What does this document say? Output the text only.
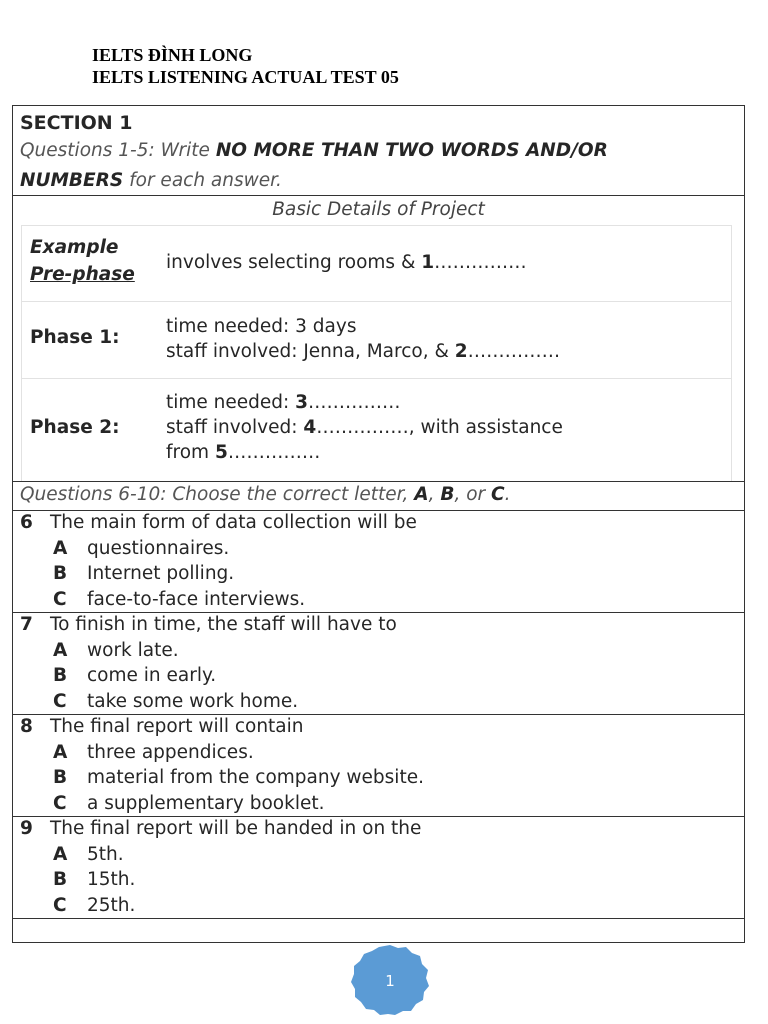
IELTS ĐÌNH LONG
IELTS LISTENING ACTUAL TEST 05
SECTION 1
Questions 1-5: Write NO MORE THAN TWO WORDS AND/OR
NUMBERS for each answer.
Basic Details of Project
Example
Pre-phase
involves selecting rooms & 1……………
Phase 1:
time needed: 3 days
staff involved: Jenna, Marco, & 2……………
Phase 2:
time needed: 3……………
staff involved: 4……………, with assistance
from 5……………
Questions 6-10: Choose the correct letter, A, B, or C.
6 The main form of data collection will be
A questionnaires.
B Internet polling.
C face-to-face interviews.
7 To finish in time, the staff will have to
A work late.
B come in early.
C take some work home.
8 The final report will contain
A three appendices.
B material from the company website.
C a supplementary booklet.
9 The final report will be handed in on the
A 5th.
B 15th.
C 25th.
1
